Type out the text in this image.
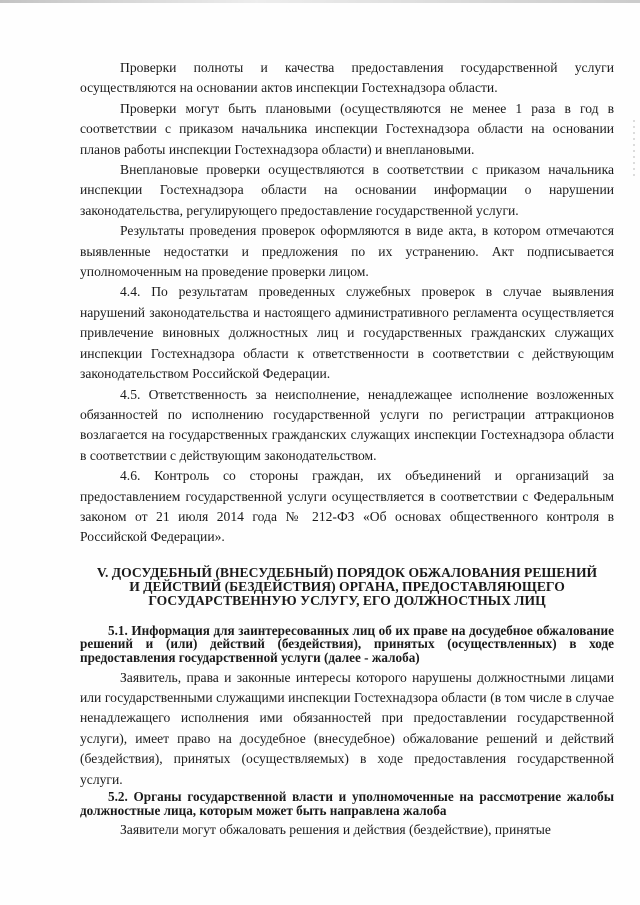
Проверки полноты и качества предоставления государственной услуги осуществляются на основании актов инспекции Гостехнадзора области.

Проверки могут быть плановыми (осуществляются не менее 1 раза в год в соответствии с приказом начальника инспекции Гостехнадзора области на основании планов работы инспекции Гостехнадзора области) и внеплановыми.

Внеплановые проверки осуществляются в соответствии с приказом начальника инспекции Гостехнадзора области на основании информации о нарушении законодательства, регулирующего предоставление государственной услуги.

Результаты проведения проверок оформляются в виде акта, в котором отмечаются выявленные недостатки и предложения по их устранению. Акт подписывается уполномоченным на проведение проверки лицом.

4.4. По результатам проведенных служебных проверок в случае выявления нарушений законодательства и настоящего административного регламента осуществляется привлечение виновных должностных лиц и государственных гражданских служащих инспекции Гостехнадзора области к ответственности в соответствии с действующим законодательством Российской Федерации.

4.5. Ответственность за неисполнение, ненадлежащее исполнение возложенных обязанностей по исполнению государственной услуги по регистрации аттракционов возлагается на государственных гражданских служащих инспекции Гостехнадзора области в соответствии с действующим законодательством.

4.6. Контроль со стороны граждан, их объединений и организаций за предоставлением государственной услуги осуществляется в соответствии с Федеральным законом от 21 июля 2014 года № 212-ФЗ «Об основах общественного контроля в Российской Федерации».

V. ДОСУДЕБНЫЙ (ВНЕСУДЕБНЫЙ) ПОРЯДОК ОБЖАЛОВАНИЯ РЕШЕНИЙ И ДЕЙСТВИЙ (БЕЗДЕЙСТВИЯ) ОРГАНА, ПРЕДОСТАВЛЯЮЩЕГО ГОСУДАРСТВЕННУЮ УСЛУГУ, ЕГО ДОЛЖНОСТНЫХ ЛИЦ

5.1. Информация для заинтересованных лиц об их праве на досудебное обжалование решений и (или) действий (бездействия), принятых (осуществленных) в ходе предоставления государственной услуги (далее - жалоба)

Заявитель, права и законные интересы которого нарушены должностными лицами или государственными служащими инспекции Гостехнадзора области (в том числе в случае ненадлежащего исполнения ими обязанностей при предоставлении государственной услуги), имеет право на досудебное (внесудебное) обжалование решений и действий (бездействия), принятых (осуществляемых) в ходе предоставления государственной услуги.

5.2. Органы государственной власти и уполномоченные на рассмотрение жалобы должностные лица, которым может быть направлена жалоба

Заявители могут обжаловать решения и действия (бездействие), принятые
